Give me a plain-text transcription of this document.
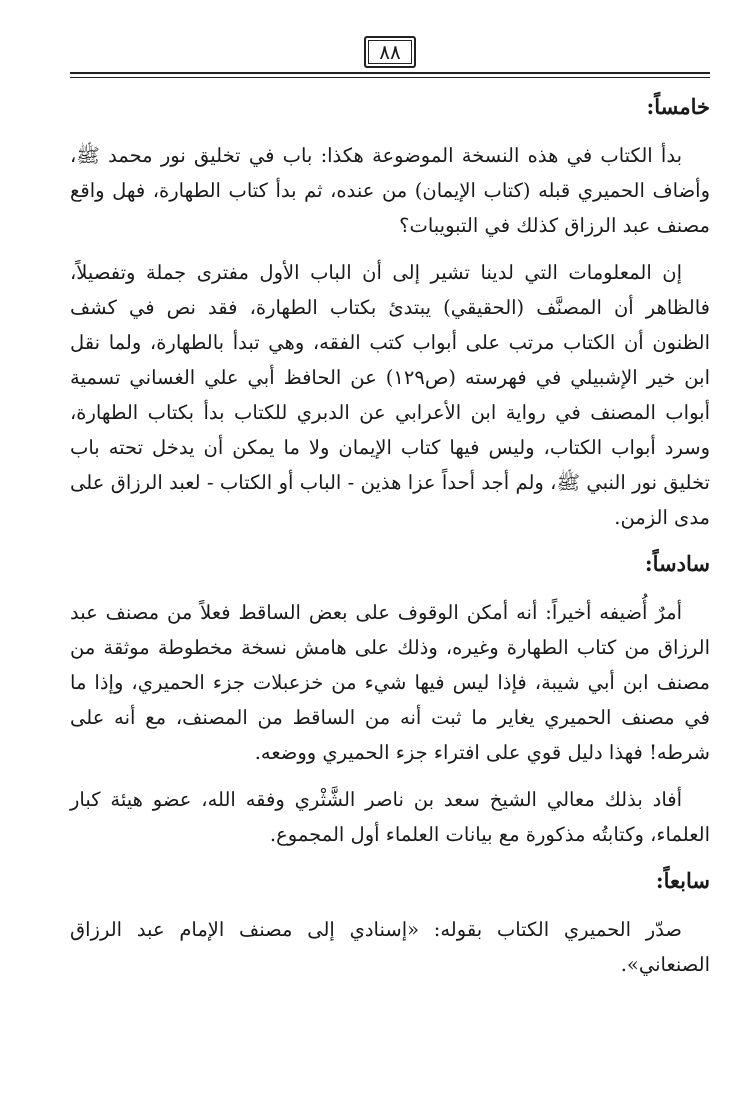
٨٨
خامساً:

بدأ الكتاب في هذه النسخة الموضوعة هكذا: باب في تخليق نور محمد ﷺ، وأضاف الحميري قبله (كتاب الإيمان) من عنده، ثم بدأ كتاب الطهارة، فهل واقع مصنف عبد الرزاق كذلك في التبويبات؟

إن المعلومات التي لدينا تشير إلى أن الباب الأول مفترى جملة وتفصيلاً، فالظاهر أن المصنَّف (الحقيقي) يبتدئ بكتاب الطهارة، فقد نص في كشف الظنون أن الكتاب مرتب على أبواب كتب الفقه، وهي تبدأ بالطهارة، ولما نقل ابن خير الإشبيلي في فهرسته (ص١٢٩) عن الحافظ أبي علي الغساني تسمية أبواب المصنف في رواية ابن الأعرابي عن الدبري للكتاب بدأ بكتاب الطهارة، وسرد أبواب الكتاب، وليس فيها كتاب الإيمان ولا ما يمكن أن يدخل تحته باب تخليق نور النبي ﷺ، ولم أجد أحداً عزا هذين - الباب أو الكتاب - لعبد الرزاق على مدى الزمن.

سادساً:

أمرٌ أُضيفه أخيراً: أنه أمكن الوقوف على بعض الساقط فعلاً من مصنف عبد الرزاق من كتاب الطهارة وغيره، وذلك على هامش نسخة مخطوطة موثقة من مصنف ابن أبي شيبة، فإذا ليس فيها شيء من خزعبلات جزء الحميري، وإذا ما في مصنف الحميري يغاير ما ثبت أنه من الساقط من المصنف، مع أنه على شرطه! فهذا دليل قوي على افتراء جزء الحميري ووضعه.

أفاد بذلك معالي الشيخ سعد بن ناصر الشَّثْري وفقه الله، عضو هيئة كبار العلماء، وكتابتُه مذكورة مع بيانات العلماء أول المجموع.

سابعاً:

صدّر الحميري الكتاب بقوله: «إسنادي إلى مصنف الإمام عبد الرزاق الصنعاني».
